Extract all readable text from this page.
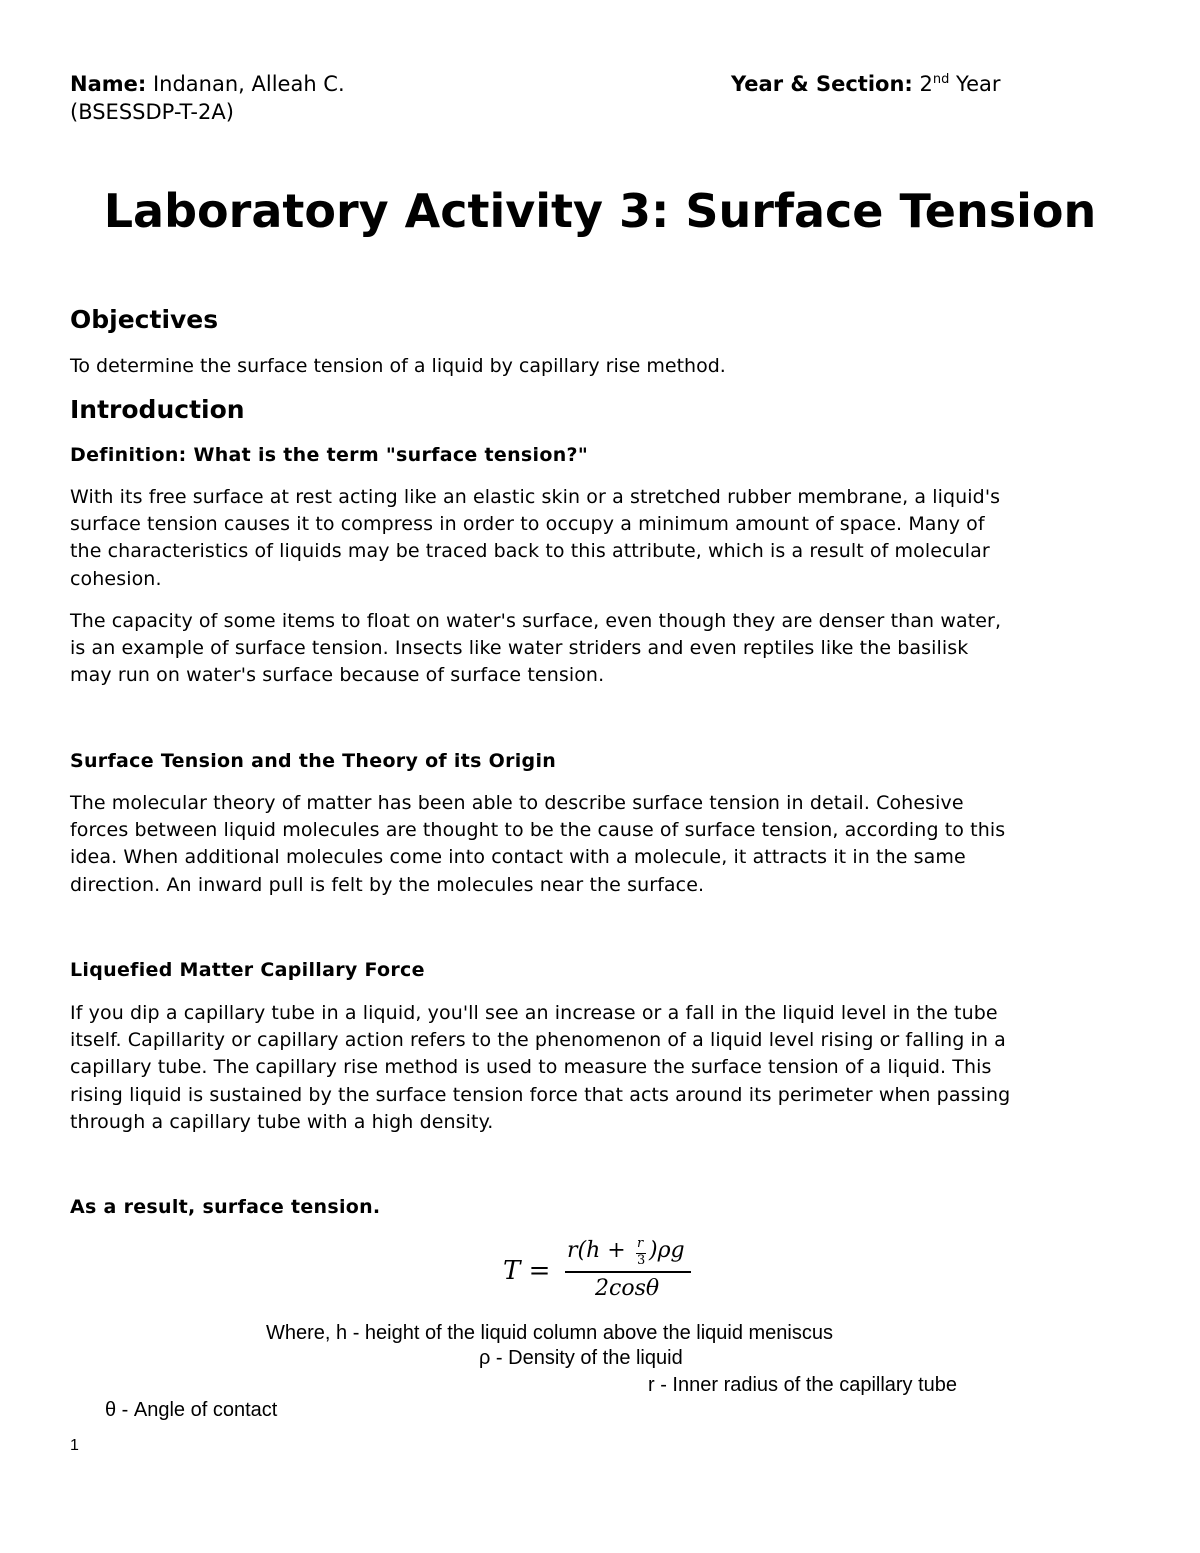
Name: Indanan, Alleah C.	Year & Section: 2nd Year
(BSESSDP-T-2A)
Laboratory Activity 3: Surface Tension
Objectives
To determine the surface tension of a liquid by capillary rise method.
Introduction
Definition: What is the term "surface tension?"
With its free surface at rest acting like an elastic skin or a stretched rubber membrane, a liquid's
surface tension causes it to compress in order to occupy a minimum amount of space. Many of
the characteristics of liquids may be traced back to this attribute, which is a result of molecular
cohesion.
The capacity of some items to float on water's surface, even though they are denser than water,
is an example of surface tension. Insects like water striders and even reptiles like the basilisk
may run on water's surface because of surface tension.
Surface Tension and the Theory of its Origin
The molecular theory of matter has been able to describe surface tension in detail. Cohesive
forces between liquid molecules are thought to be the cause of surface tension, according to this
idea. When additional molecules come into contact with a molecule, it attracts it in the same
direction. An inward pull is felt by the molecules near the surface.
Liquefied Matter Capillary Force
If you dip a capillary tube in a liquid, you'll see an increase or a fall in the liquid level in the tube
itself. Capillarity or capillary action refers to the phenomenon of a liquid level rising or falling in a
capillary tube. The capillary rise method is used to measure the surface tension of a liquid. This
rising liquid is sustained by the surface tension force that acts around its perimeter when passing
through a capillary tube with a high density.
As a result, surface tension.
T =
r(h + r
3 )ρg
2cosθ
Where, h - height of the liquid column above the liquid meniscus
ρ - Density of the liquid
r - Inner radius of the capillary tube
θ - Angle of contact
1
